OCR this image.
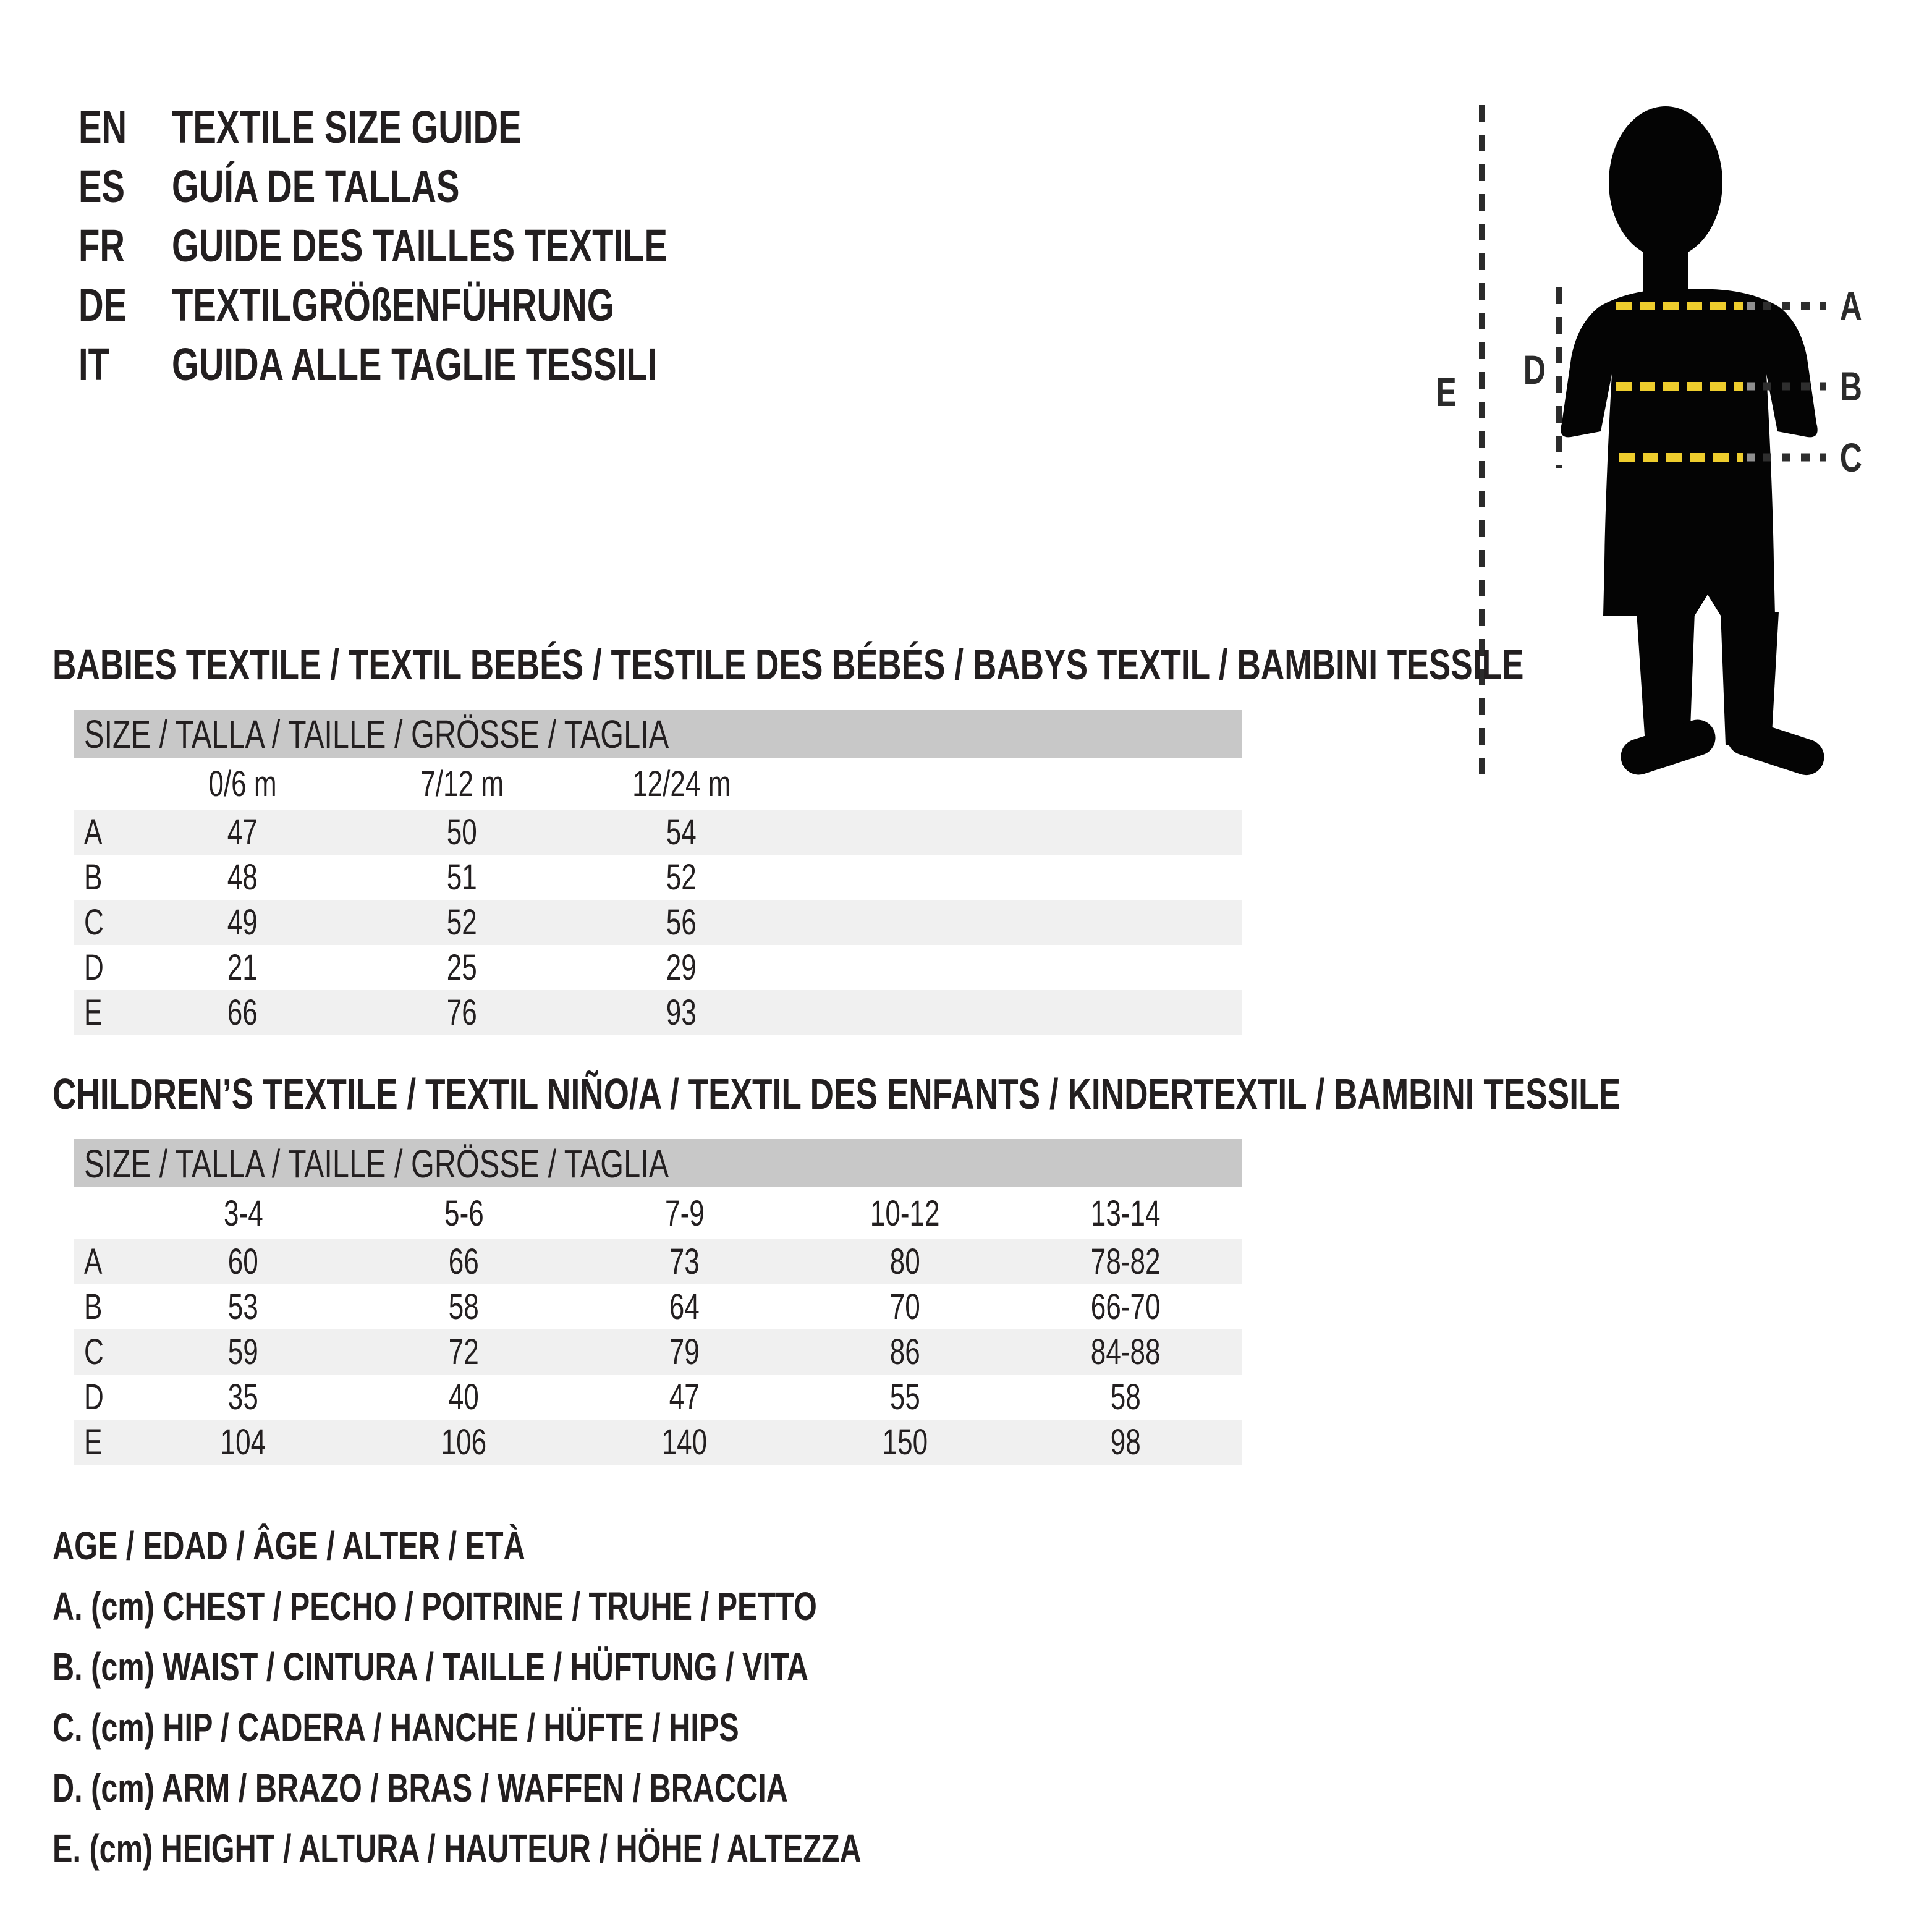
EN TEXTILE SIZE GUIDE
ES	GUÍA DE TALLAS
FR	GUIDE DES TAILLES TEXTILE
DE TEXTILGRÖßENFÜHRUNG
IT GUIDA ALLE TAGLIE TESSILI
A
B
C
D
E
BABIES TEXTILE / TEXTIL BEBÉS / TESTILE DES BÉBÉS / BABYS TEXTIL / BAMBINI TESSILE
SIZE / TALLA / TAILLE / GRÖSSE / TAGLIA
0/6 m	7/12 m	12/24 m
A	47	50	54
B	48	51	52
C	49	52	56
D	21	25	29
E	66	76	93
CHILDREN’S TEXTILE / TEXTIL NIÑO/A / TEXTIL DES ENFANTS / KINDERTEXTIL / BAMBINI TESSILE
SIZE / TALLA / TAILLE / GRÖSSE / TAGLIA
3-4	5-6	7-9	10-12	13-14
A	60	66	73	80	78-82
B	53	58	64	70	66-70
C	59	72	79	86	84-88
D	35	40	47	55	58
E	104	106	140	150	98
AGE / EDAD / ÂGE / ALTER / ETÀ
A. (cm) CHEST / PECHO / POITRINE / TRUHE / PETTO
B. (cm) WAIST / CINTURA / TAILLE / HÜFTUNG / VITA
C. (cm) HIP / CADERA / HANCHE / HÜFTE / HIPS
D. (cm) ARM / BRAZO / BRAS / WAFFEN / BRACCIA
E. (cm) HEIGHT / ALTURA / HAUTEUR / HÖHE / ALTEZZA
